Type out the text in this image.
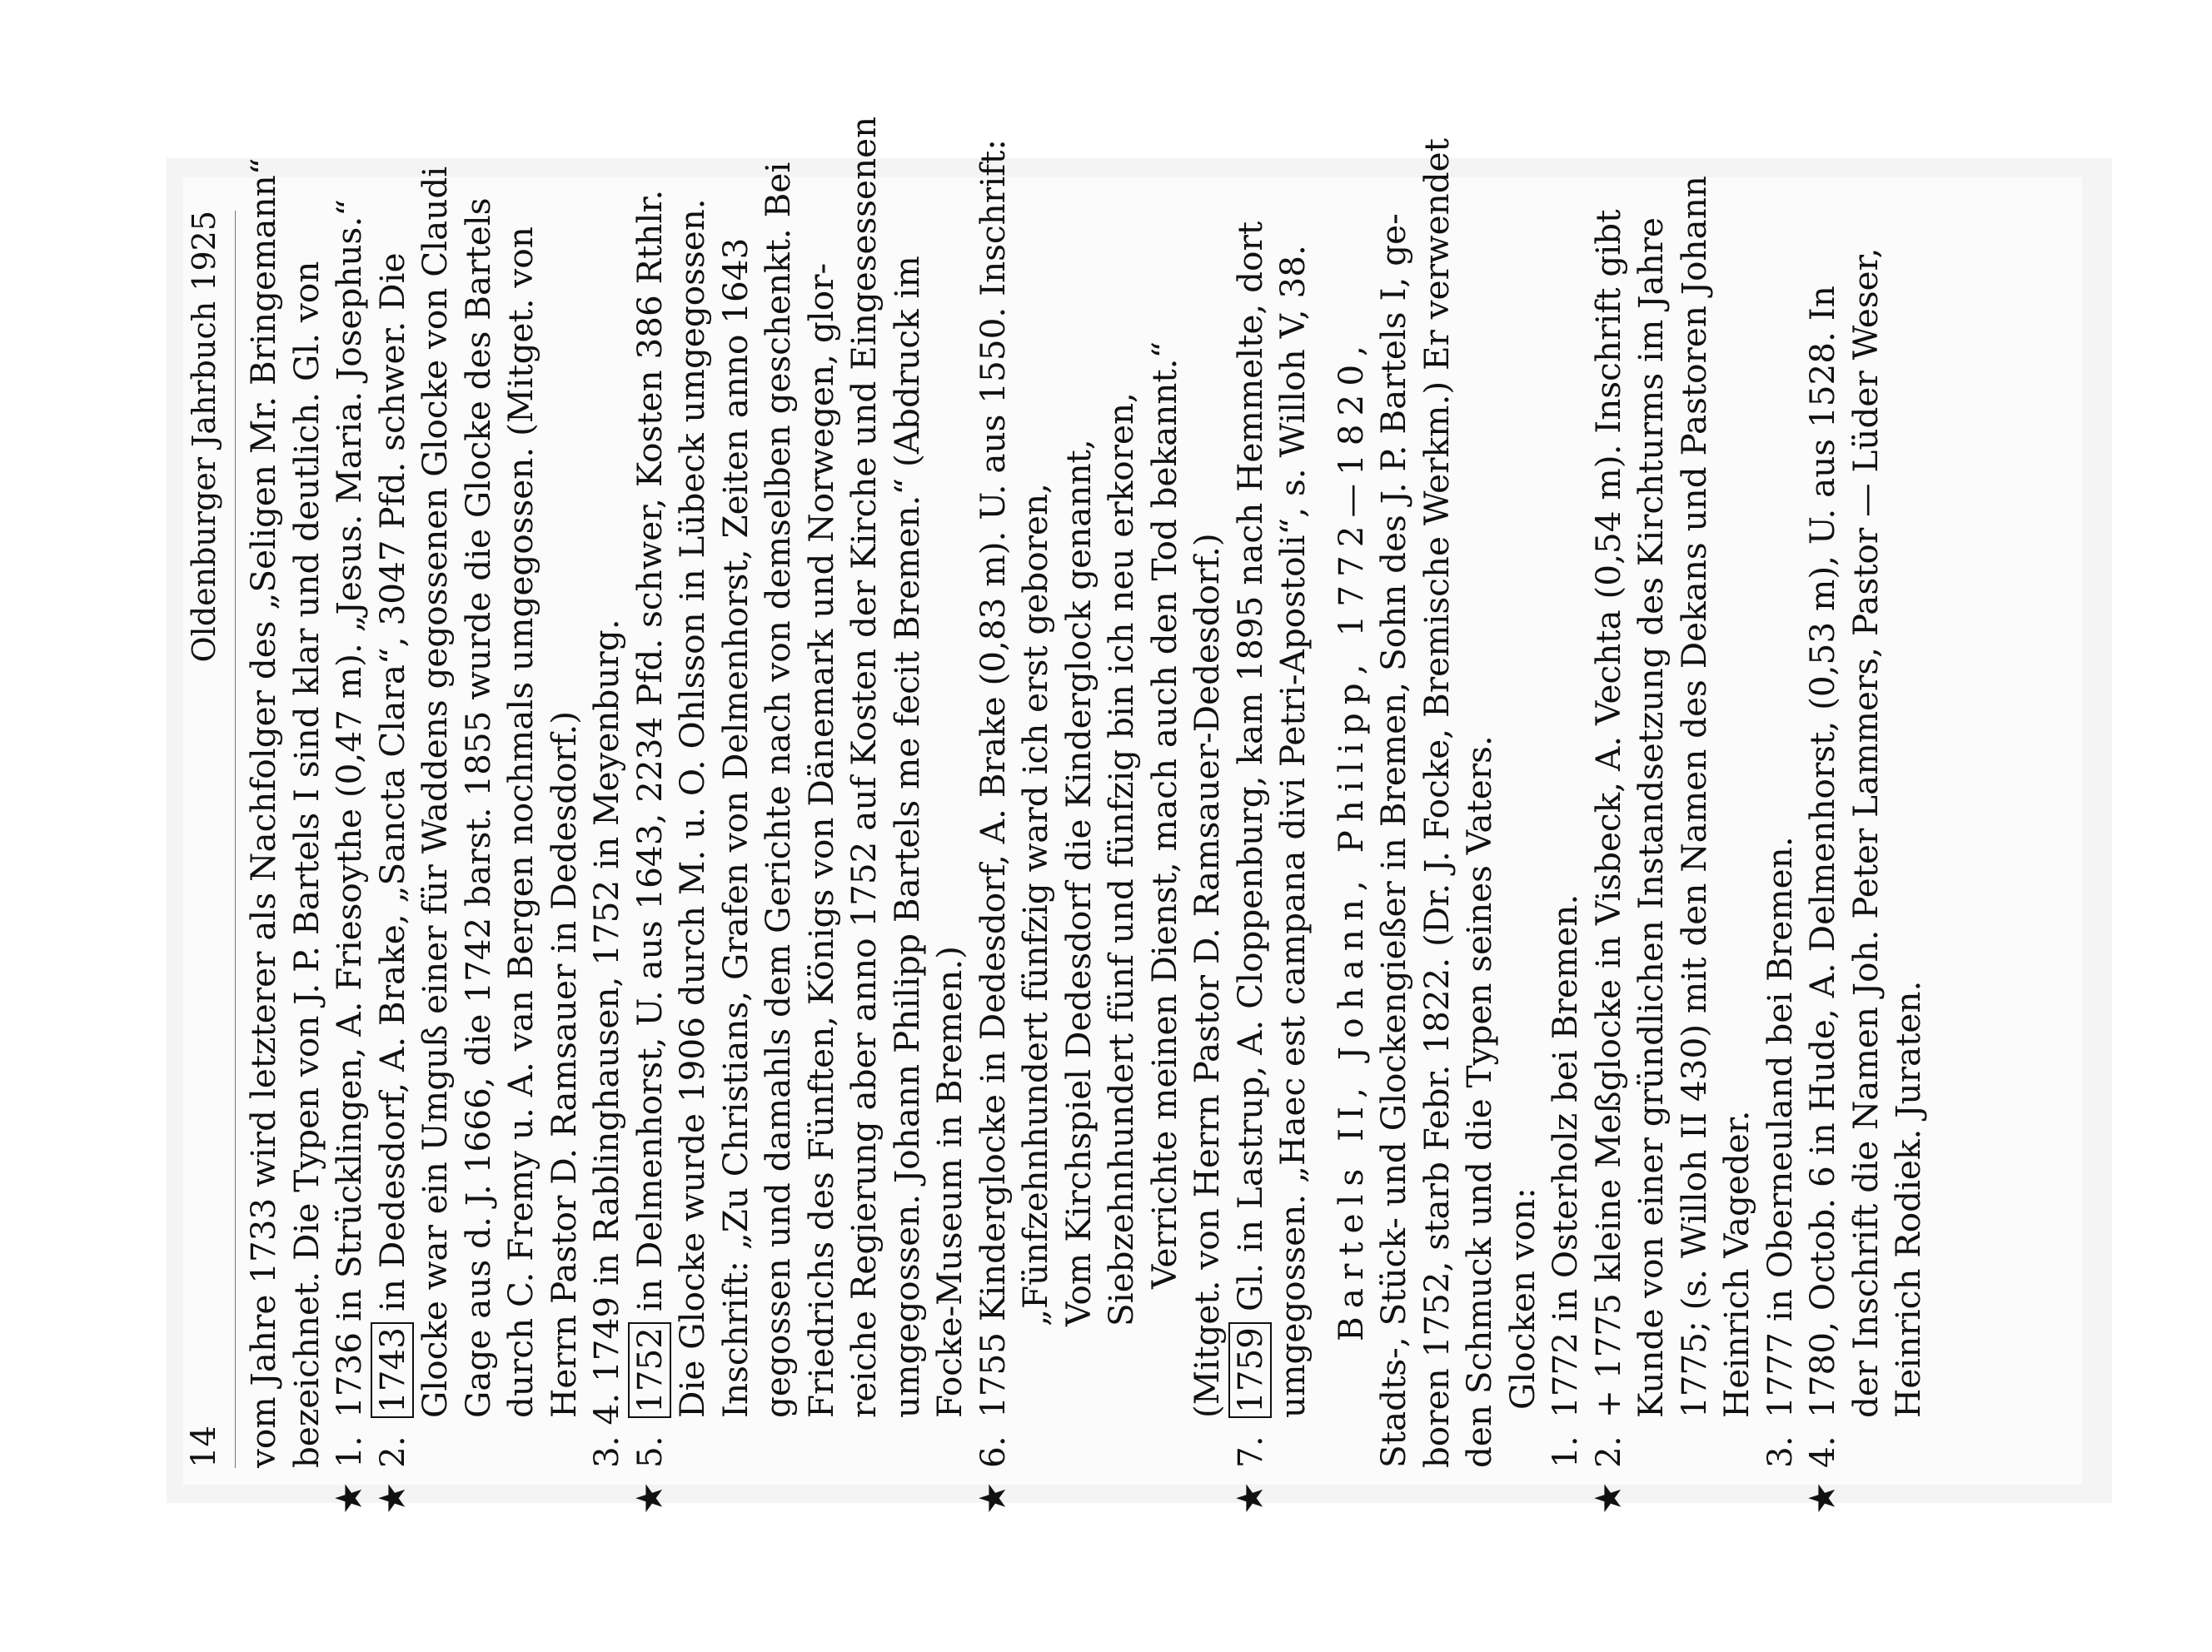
14
Oldenburger Jahrbuch 1925 vom Jahre 1733 wird letzterer als Nachfolger des „Seligen Mr. Bringemann“ bezeichnet. Die Typen von J. P. Bartels I sind klar und deutlich. Gl. von

★

1.1736 in Strücklingen, A. Friesoythe (0,47 m). „Jesus. Maria. Josephus.“

★

2.1743 in Dedesdorf, A. Brake, „Sancta Clara“, 3047 Pfd. schwer. Die Glocke war ein Umguß einer für Waddens gegossenen Glocke von Claudi Gage aus d. J. 1666, die 1742 barst. 1855 wurde die Glocke des Bartels durch C. Fremy u. A. van Bergen nochmals umgegossen. (Mitget. von Herrn Pastor D. Ramsauer in Dedesdorf.)

3. 4. 1749 in Rablinghausen, 1752 in Meyenburg.

★

5.1752 in Delmenhorst, U. aus 1643, 2234 Pfd. schwer, Kosten 386 Rthlr. Die Glocke wurde 1906 durch M. u. O. Ohlsson in Lübeck umgegossen. Inschrift: „Zu Christians, Grafen von Delmenhorst, Zeiten anno 1643 gegossen und damahls dem Gerichte nach von demselben geschenkt. Bei Friedrichs des Fünften, Königs von Dänemark und Norwegen, glor- reiche Regierung aber anno 1752 auf Kosten der Kirche und Eingesessenen umgegossen. Johann Philipp Bartels me fecit Bremen.“ (Abdruck im Focke-Museum in Bremen.)

★

6.1755 Kinderglocke in Dedesdorf, A. Brake (0,83 m). U. aus 1550. Inschrift: „Fünfzehnhundert fünfzig ward ich erst geboren, Vom Kirchspiel Dedesdorf die Kinderglock genannt, Siebzehnhundert fünf und fünfzig bin ich neu erkoren, Verrichte meinen Dienst, mach auch den Tod bekannt.“ (Mitget. von Herrn Pastor D. Ramsauer-Dedesdorf.)

★

7.1759 Gl. in Lastrup, A. Cloppenburg, kam 1895 nach Hemmelte, dort umgegossen. „Haec est campana divi Petri-Apostoli“, s. Willoh V, 38. Bartels II, Johann, Philipp, 1772—1820, Stadts-, Stück- und Glockengießer in Bremen, Sohn des J. P. Bartels I, ge- boren 1752, starb Febr. 1822. (Dr. J. Focke, Bremische Werkm.) Er verwendet den Schmuck und die Typen seines Vaters. Glocken von:

1.1772 in Osterholz bei Bremen.

★

2.+ 1775 kleine Meßglocke in Visbeck, A. Vechta (0,54 m). Inschrift gibt Kunde von einer gründlichen Instandsetzung des Kirchturms im Jahre 1775; (s. Willoh II 430) mit den Namen des Dekans und Pastoren Johann Heinrich Vageder.

3.1777 in Oberneuland bei Bremen.

★

4.1780, Octob. 6 in Hude, A. Delmenhorst, (0,53 m), U. aus 1528. In der Inschrift die Namen Joh. Peter Lammers, Pastor — Lüder Weser, Heinrich Rodiek. Juraten.
